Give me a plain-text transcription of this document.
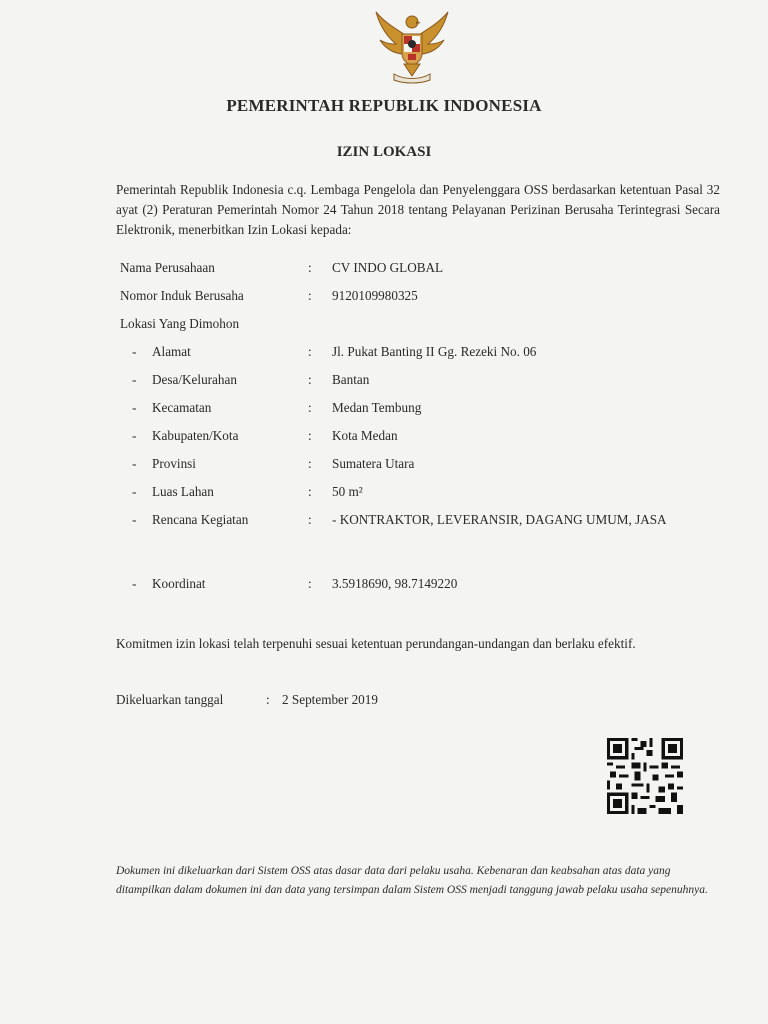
PEMERINTAH REPUBLIK INDONESIA
IZIN LOKASI
Pemerintah Republik Indonesia c.q. Lembaga Pengelola dan Penyelenggara OSS berdasarkan ketentuan Pasal 32 ayat (2) Peraturan Pemerintah Nomor 24 Tahun 2018 tentang Pelayanan Perizinan Berusaha Terintegrasi Secara Elektronik, menerbitkan Izin Lokasi kepada:
Nama Perusahaan	: CV INDO GLOBAL
Nomor Induk Berusaha	: 9120109980325
Lokasi Yang Dimohon
- Alamat	: Jl. Pukat Banting II Gg. Rezeki No. 06
- Desa/Kelurahan	: Bantan
- Kecamatan	: Medan Tembung
- Kabupaten/Kota	: Kota Medan
- Provinsi	: Sumatera Utara
- Luas Lahan	: 50 m²
- Rencana Kegiatan	: - KONTRAKTOR, LEVERANSIR, DAGANG UMUM, JASA
- Koordinat	: 3.5918690, 98.7149220
Komitmen izin lokasi telah terpenuhi sesuai ketentuan perundangan-undangan dan berlaku efektif.
Dikeluarkan tanggal	: 2 September 2019
Dokumen ini dikeluarkan dari Sistem OSS atas dasar data dari pelaku usaha. Kebenaran dan keabsahan atas data yang ditampilkan dalam dokumen ini dan data yang tersimpan dalam Sistem OSS menjadi tanggung jawab pelaku usaha sepenuhnya.
